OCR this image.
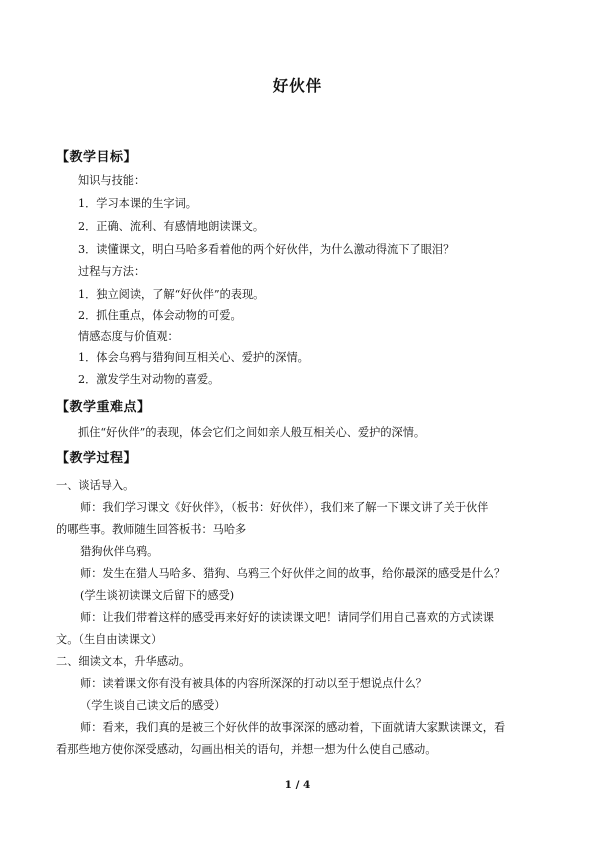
好伙伴
【教学目标】
知识与技能：
1．学习本课的生字词。
2．正确、流利、有感情地朗读课文。
3．读懂课文，明白马哈多看着他的两个好伙伴，为什么激动得流下了眼泪？
过程与方法：
1．独立阅读，了解“好伙伴”的表现。
2．抓住重点，体会动物的可爱。
情感态度与价值观：
1．体会乌鸦与猎狗间互相关心、爱护的深情。
2．激发学生对动物的喜爱。
【教学重难点】
抓住“好伙伴”的表现，体会它们之间如亲人般互相关心、爱护的深情。
【教学过程】
一、谈话导入。
师：我们学习课文《好伙伴》，（板书：好伙伴），我们来了解一下课文讲了关于伙伴
的哪些事。教师随生回答板书：马哈多
猎狗伙伴乌鸦。
师：发生在猎人马哈多、猎狗、乌鸦三个好伙伴之间的故事，给你最深的感受是什么？
(学生谈初读课文后留下的感受)
师：让我们带着这样的感受再来好好的读读课文吧！请同学们用自己喜欢的方式读课
文。（生自由读课文）
二、细读文本，升华感动。
师：读着课文你有没有被具体的内容所深深的打动以至于想说点什么？
（学生谈自己读文后的感受）
师：看来，我们真的是被三个好伙伴的故事深深的感动着，下面就请大家默读课文，看
看那些地方使你深受感动，勾画出相关的语句，并想一想为什么使自己感动。
1 / 4
